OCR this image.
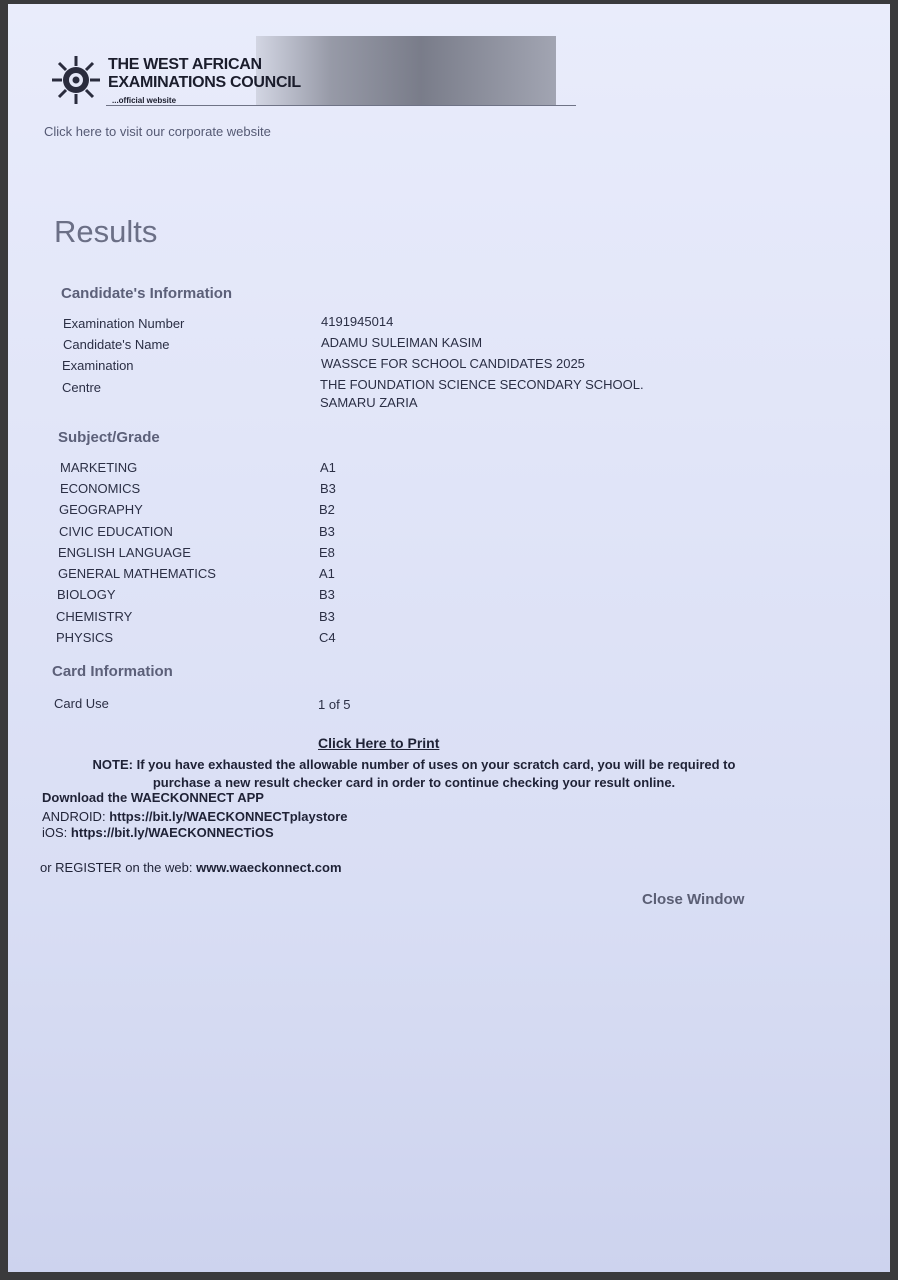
THE WEST AFRICAN EXAMINATIONS COUNCIL
...official website
Click here to visit our corporate website
Results
Candidate's Information
Examination Number	4191945014
Candidate's Name	ADAMU SULEIMAN KASIM
Examination	WASSCE FOR SCHOOL CANDIDATES 2025
Centre	THE FOUNDATION SCIENCE SECONDARY SCHOOL.
SAMARU ZARIA
Subject/Grade
MARKETING	A1
ECONOMICS	B3
GEOGRAPHY	B2
CIVIC EDUCATION	B3
ENGLISH LANGUAGE	E8
GENERAL MATHEMATICS	A1
BIOLOGY	B3
CHEMISTRY	B3
PHYSICS	C4
Card Information
Card Use	1 of 5
Click Here to Print
NOTE: If you have exhausted the allowable number of uses on your scratch card, you will be required to purchase a new result checker card in order to continue checking your result online.
Download the WAECKONNECT APP
ANDROID: https://bit.ly/WAECKONNECTplaystore
iOS: https://bit.ly/WAECKONNECTiOS
or REGISTER on the web: www.waeckonnect.com
Close Window
